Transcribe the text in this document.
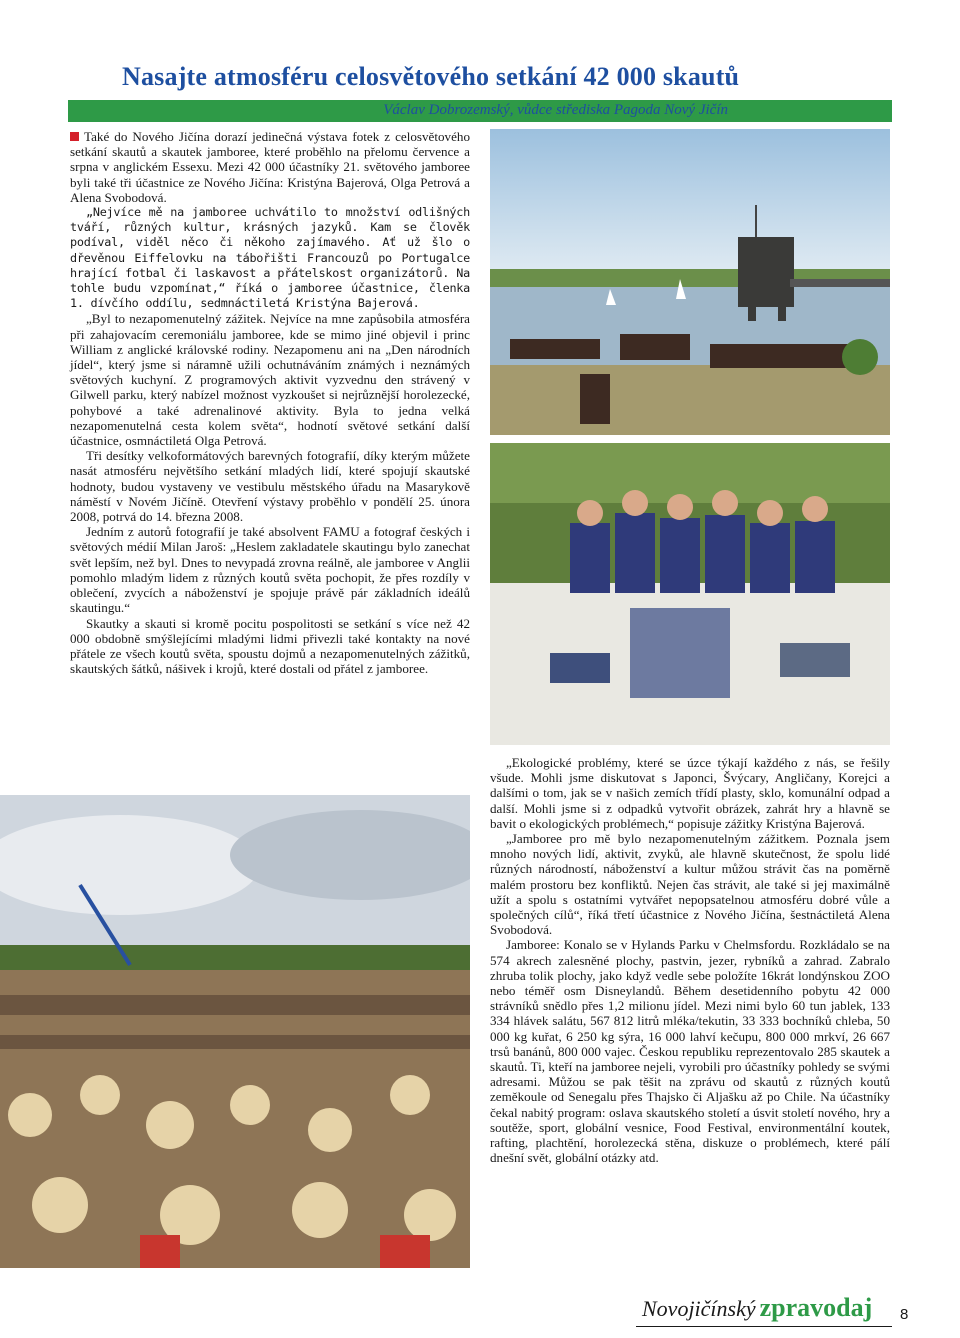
Nasajte atmosféru celosvětového setkání 42 000 skautů
Václav Dobrozemský, vůdce střediska Pagoda Nový Jičín

Také do Nového Jičína dorazí jedinečná výstava fotek z celosvětového setkání skautů a skautek jamboree, které proběhlo na přelomu července a srpna v anglickém Essexu. Mezi 42 000 účastníky 21. světového jamboree byli také tři účastnice ze Nového Jičína: Kristýna Bajerová, Olga Petrová a Alena Svobodová.

„Nejvíce mě na jamboree uchvátilo to množství odlišných tváří, různých kultur, krásných jazyků. Kam se člověk podíval, viděl něco či někoho zajímavého. Ať už šlo o dřevěnou Eiffelovku na tábořišti Francouzů po Portugalce hrající fotbal či laskavost a přátelskost organizátorů. Na tohle budu vzpomínat,“ říká o jamboree účastnice, členka 1. dívčího oddílu, sedmnáctiletá Kristýna Bajerová.

„Byl to nezapomenutelný zážitek. Nejvíce na mne zapůsobila atmosféra při zahajovacím ceremoniálu jamboree, kde se mimo jiné objevil i princ William z anglické královské rodiny. Nezapomenu ani na „Den národních jídel“, který jsme si náramně užili ochutnáváním známých i neznámých světových kuchyní. Z programových aktivit vyzvednu den strávený v Gilwell parku, který nabízel možnost vyzkoušet si nejrůznější horolezecké, pohybové a také adrenalinové aktivity. Byla to jedna velká nezapomenutelná cesta kolem světa“, hodnotí světové setkání další účastnice, osmnáctiletá Olga Petrová.

Tři desítky velkoformátových barevných fotografií, díky kterým můžete nasát atmosféru největšího setkání mladých lidí, které spojují skautské hodnoty, budou vystaveny ve vestibulu městského úřadu na Masarykově náměstí v Novém Jičíně. Otevření výstavy proběhlo v pondělí 25. února 2008, potrvá do 14. března 2008.

Jedním z autorů fotografií je také absolvent FAMU a fotograf českých i světových médií Milan Jaroš: „Heslem zakladatele skautingu bylo zanechat svět lepším, než byl. Dnes to nevypadá zrovna reálně, ale jamboree v Anglii pomohlo mladým lidem z různých koutů světa pochopit, že přes rozdíly v oblečení, zvycích a náboženství je spojuje právě pár základních ideálů skautingu.“

Skautky a skauti si kromě pocitu pospolitosti se setkání s více než 42 000 obdobně smýšlejícími mladými lidmi přivezli také kontakty na nové přátele ze všech koutů světa, spoustu dojmů a nezapomenutelných zážitků, skautských šátků, nášivek i krojů, které dostali od přátel z jamboree.

„Ekologické problémy, které se úzce týkají každého z nás, se řešily všude. Mohli jsme diskutovat s Japonci, Švýcary, Angličany, Korejci a dalšími o tom, jak se v našich zemích třídí plasty, sklo, komunální odpad a další. Mohli jsme si z odpadků vytvořit obrázek, zahrát hry a hlavně se bavit o ekologických problémech,“ popisuje zážitky Kristýna Bajerová.

„Jamboree pro mě bylo nezapomenutelným zážitkem. Poznala jsem mnoho nových lidí, aktivit, zvyků, ale hlavně skutečnost, že spolu lidé různých národností, náboženství a kultur můžou strávit čas na poměrně malém prostoru bez konfliktů. Nejen čas strávit, ale také si jej maximálně užít a spolu s ostatními vytvářet nepopsatelnou atmosféru dobré vůle a společných cílů“, říká třetí účastnice z Nového Jičína, šestnáctiletá Alena Svobodová.

Jamboree: Konalo se v Hylands Parku v Chelmsfordu. Rozkládalo se na 574 akrech zalesněné plochy, pastvin, jezer, rybníků a zahrad. Zabralo zhruba tolik plochy, jako když vedle sebe položíte 16krát londýnskou ZOO nebo téměř osm Disneylandů. Během desetidenního pobytu 42 000 strávníků snědlo přes 1,2 milionu jídel. Mezi nimi bylo 60 tun jablek, 133 334 hlávek salátu, 567 812 litrů mléka/tekutin, 33 333 bochníků chleba, 50 000 kg kuřat, 6 250 kg sýra, 16 000 lahví kečupu, 800 000 mrkví, 26 667 trsů banánů, 800 000 vajec. Českou republiku reprezentovalo 285 skautek a skautů. Ti, kteří na jamboree nejeli, vyrobili pro účastníky pohledy se svými adresami. Můžou se pak těšit na zprávu od skautů z různých koutů zeměkoule od Senegalu přes Thajsko či Aljašku až po Chile. Na účastníky čekal nabitý program: oslava skautského století a úsvit století nového, hry a soutěže, sport, globální vesnice, Food Festival, environmentální koutek, rafting, plachtění, horolezecká stěna, diskuze o problémech, které pálí dnešní svět, globální otázky atd.

Novojičínský zpravodaj 8
